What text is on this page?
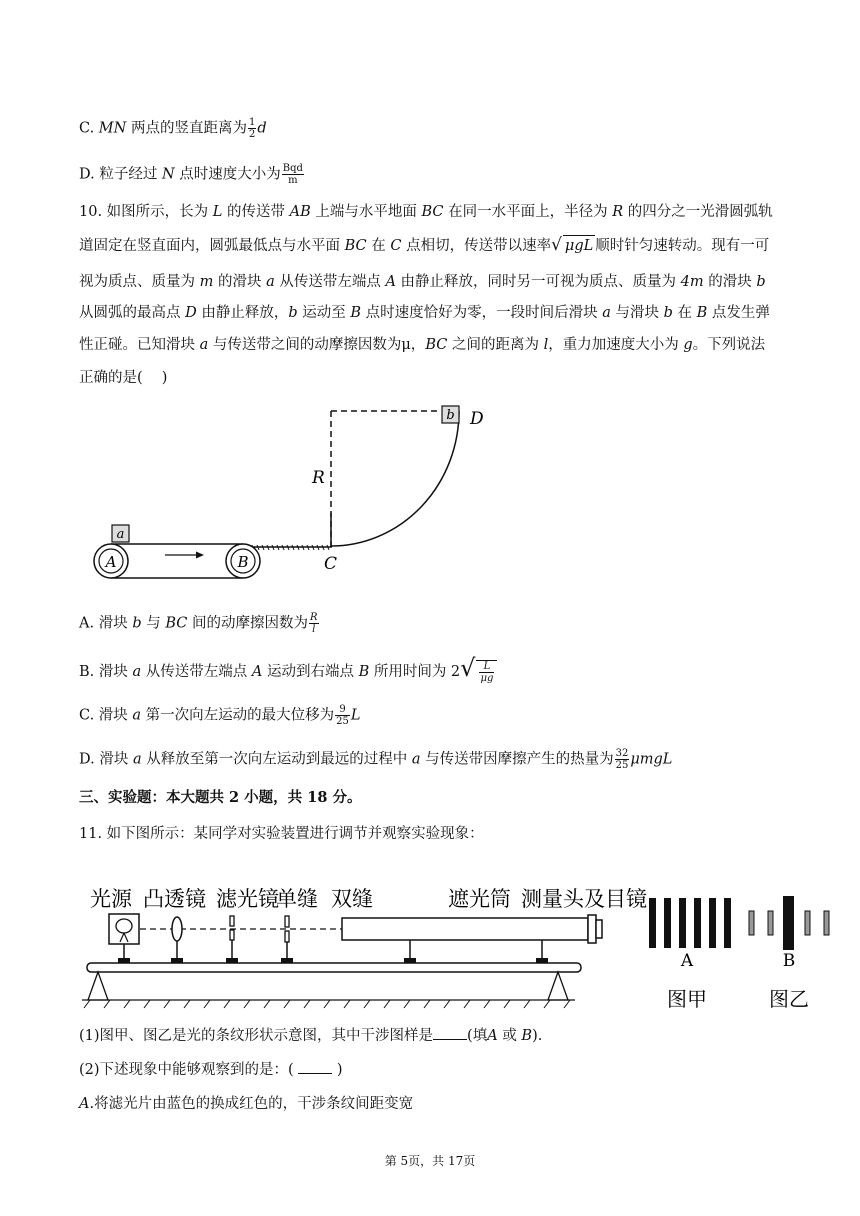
C. MN 两点的竖直距离为 $\frac{1}{2}$ d
D. 粒子经过 N 点时速度大小为 $\frac{\text{Bqd}}{m}$
10. 如图所示，长为 L 的传送带 AB 上端与水平地面 BC 在同一水平面上，半径为 R 的四分之一光滑圆弧轨
道固定在竖直面内，圆弧最低点与水平面 BC 在 C 点相切，传送带以速率√ μgL 顺时针匀速转动。现有一可
视为质点、质量为 m 的滑块 a 从传送带左端点 A 由静止释放，同时另一可视为质点、质量为 4m 的滑块 b
从圆弧的最高点 D 由静止释放，b 运动至 B 点时速度恰好为零，一段时间后滑块 a 与滑块 b 在 B 点发生弹
性正碰。已知滑块 a 与传送带之间的动摩擦因数为μ，BC 之间的距离为 l，重力加速度大小为 g。下列说法
正确的是(　 )
b D
R
C
A	B
a
A. 滑块 b 与 BC 间的动摩擦因数为 $\frac{R}{l}$
B. 滑块 a 从传送带左端点 A 运动到右端点 B 所用时间为 $2√ \frac{L}{\mu g}$
C. 滑块 a 第一次向左运动的最大位移为 $\frac{9}{25}$ L
D. 滑块 a 从释放至第一次向左运动到最远的过程中 a 与传送带因摩擦产生的热量为 $\frac{32}{25}$ μmgL
三、实验题：本大题共 2 小题，共 18 分。
11. 如下图所示：某同学对实验装置进行调节并观察实验现象：
光源 凸透镜 滤光镜
单缝 双缝	遮光筒 测量头及目镜
A
图甲
B
图乙
(1)图甲、图乙是光的条纹形状示意图，其中干涉图样是 (填A 或 B).
(2)下述现象中能够观察到的是：(	)
A.将滤光片由蓝色的换成红色的，干涉条纹间距变宽
第 5页，共 17页
